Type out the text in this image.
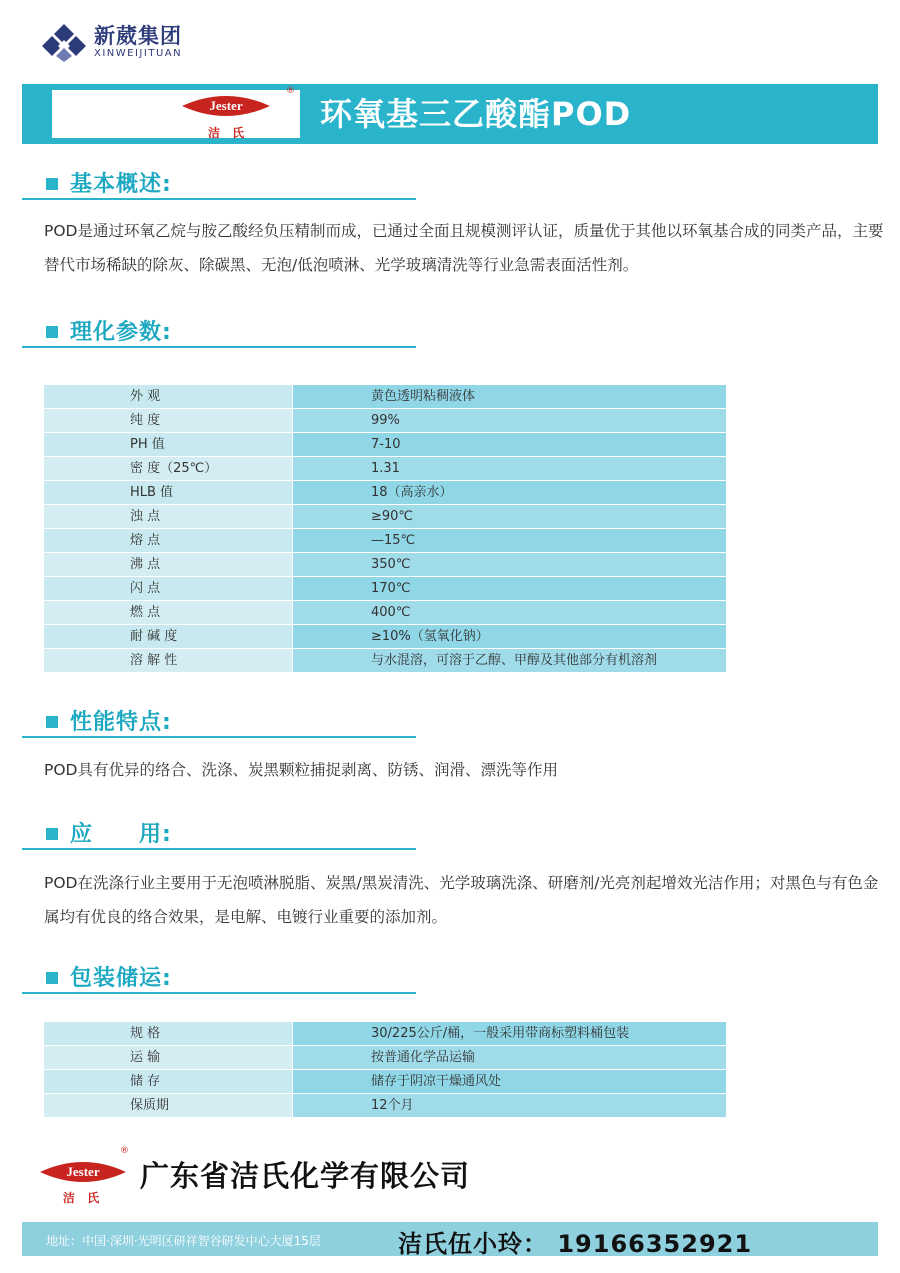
新葳集团
XINWEIJITUAN
Jester
®
洁 氏 环氧基三乙酸酯POD
基本概述:
POD是通过环氧乙烷与胺乙酸经负压精制而成，已通过全面且规模测评认证，质量优于其他以环氧基合成的同类产品，主要替代市场稀缺的除灰、除碳黑、无泡/低泡喷淋、光学玻璃清洗等行业急需表面活性剂。
理化参数:
外 观	黄色透明粘稠液体
纯 度	99%
PH 值	7-10
密 度（25℃）	1.31
HLB 值	18（高亲水）
浊 点	≥90℃
熔 点	—15℃
沸 点	350℃
闪 点	170℃
燃 点	400℃
耐 碱 度	≥10%（氢氧化钠）
溶 解 性	与水混溶，可溶于乙醇、甲醇及其他部分有机溶剂
性能特点:
POD具有优异的络合、洗涤、炭黑颗粒捕捉剥离、防锈、润滑、漂洗等作用
应　　用:
POD在洗涤行业主要用于无泡喷淋脱脂、炭黑/黑炭清洗、光学玻璃洗涤、研磨剂/光亮剂起增效光洁作用；对黑色与有色金属均有优良的络合效果，是电解、电镀行业重要的添加剂。
包装储运:
规 格	30/225公斤/桶，一般采用带商标塑料桶包装
运 输	按普通化学品运输
储 存	储存于阴凉干燥通风处
保质期	12个月
Jester
洁 氏
®
广东省洁氏化学有限公司
地址：中国·深圳·光明区研祥智谷研发中心大厦15层	洁氏伍小玲： 19166352921
